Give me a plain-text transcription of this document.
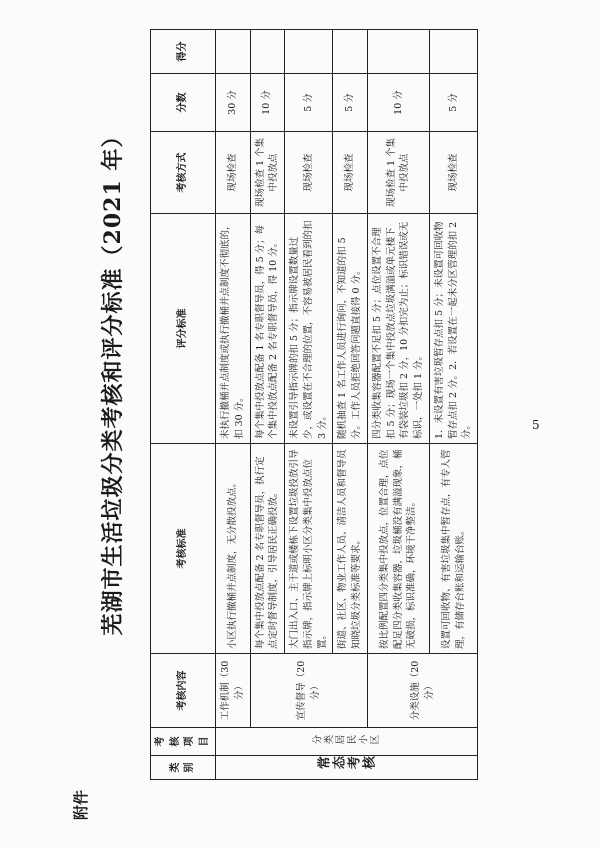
5
附件
芜湖市生活垃圾分类考核和评分标准（2021 年）
类别	考核项目	考核内容	考核标准	评分标准	考核方式	分数	得分

常态考核	分类居民小区	工作机制（30 分）	小区执行撤桶并点制度，无分散投放点。	未执行撤桶并点制度或执行撤桶并点制度不彻底的，扣 30 分。	现场检查	30 分	
		宣传督导（20 分）	每个集中投放点配备 2 名专职督导员，执行定点定时督导制度，引导居民正确投放。	每个集中投放点配备 1 名专职督导员，得 5 分；每个集中投放点配备 2 名专职督导员，得 10 分。	现场检查 1 个集中投放点	10 分	
			大门出入口、主干道或楼栋下设置垃圾投放引导指示牌，指示牌上标明小区分类集中投放点位置。	未设置引导指示牌的扣 5 分；指示牌设置数量过少，或设置在不合理的位置，不容易被居民看到的扣 3 分。	现场检查	5 分	
			街道、社区、物业工作人员、清洁人员和督导员知晓垃圾分类标准等要求。	随机抽查 1 名工作人员进行询问，不知道的扣 5 分。工作人员拒绝回答问题直接得 0 分。	现场检查	5 分	
		分类设施（20 分）	按比例配置四分类集中投放点，位置合理，点位配足四分类收集容器，垃圾桶没有满溢现象，桶无破损，标识准确，环境干净整洁。	四分类收集容器配置不足扣 5 分；点位设置不合理扣 5 分；现场一个集中投放点垃圾满溢或单元楼下有袋装垃圾扣 2 分，10 分扣完为止；标识错误或无标识，一处扣 1 分。	现场检查 1 个集中投放点	10 分	
			设置可回收物、有害垃圾集中暂存点，有专人管理，有储存台账和运输台账。	1．未设置有害垃圾暂存点扣 5 分；未设置可回收物暂存点扣 2 分。2．若设置在一起未分区管理的扣 2 分。	现场检查	5 分	
